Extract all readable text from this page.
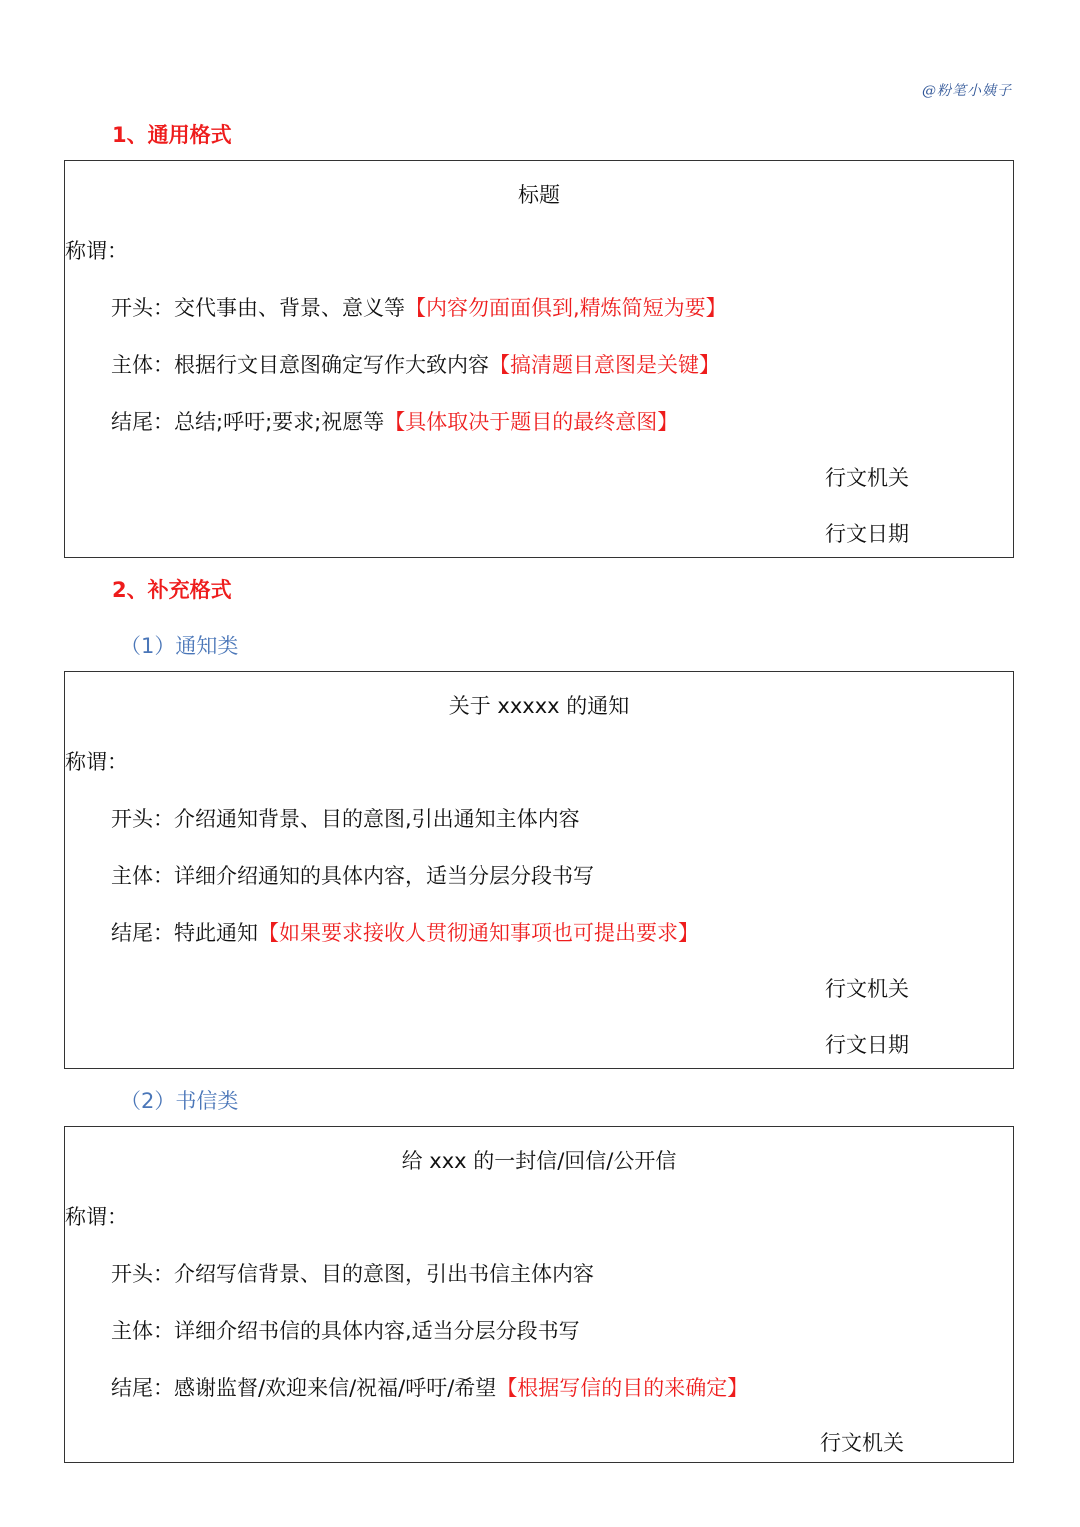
@粉笔小姨子
1、通用格式
标题
称谓：
开头：交代事由、背景、意义等【内容勿面面俱到,精炼简短为要】
主体：根据行文目意图确定写作大致内容【搞清题目意图是关键】
结尾：总结;呼吁;要求;祝愿等【具体取决于题目的最终意图】
行文机关
行文日期
2、补充格式
（1）通知类
关于 xxxxx 的通知
称谓：
开头：介绍通知背景、目的意图,引出通知主体内容
主体：详细介绍通知的具体内容，适当分层分段书写
结尾：特此通知【如果要求接收人贯彻通知事项也可提出要求】
行文机关
行文日期
（2）书信类
给 xxx 的一封信/回信/公开信
称谓：
开头：介绍写信背景、目的意图，引出书信主体内容
主体：详细介绍书信的具体内容,适当分层分段书写
结尾：感谢监督/欢迎来信/祝福/呼吁/希望【根据写信的目的来确定】
行文机关
